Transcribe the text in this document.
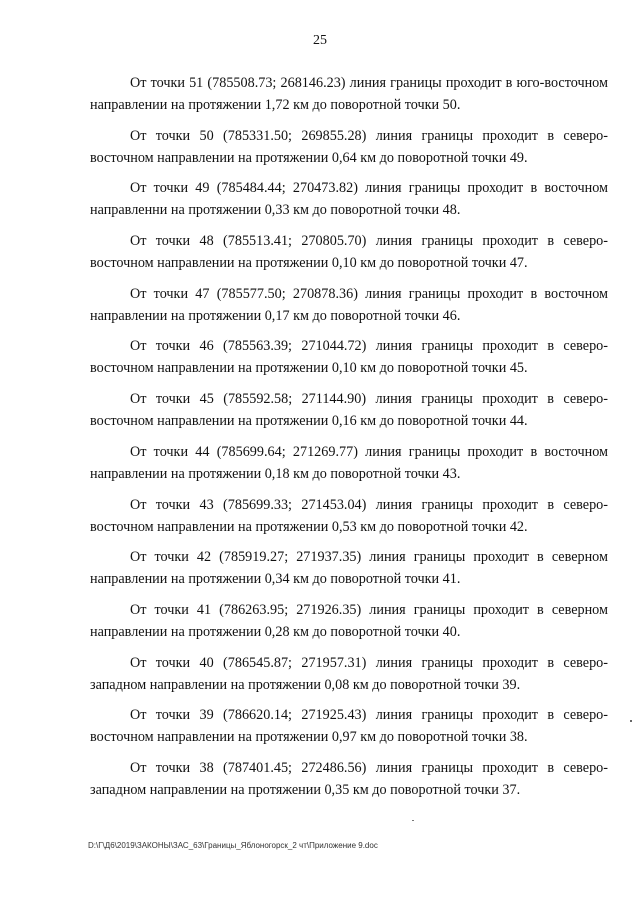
25

От точки 51 (785508.73; 268146.23) линия границы проходит в юго-восточном направлении на протяжении 1,72 км до поворотной точки 50.

От точки 50 (785331.50; 269855.28) линия границы проходит в северо-восточном направлении на протяжении 0,64 км до поворотной точки 49.

От точки 49 (785484.44; 270473.82) линия границы проходит в восточном направленни на протяжении 0,33 км до поворотной точки 48.

От точки 48 (785513.41; 270805.70) линия границы проходит в северо-восточном направлении на протяжении 0,10 км до поворотной точки 47.

От точки 47 (785577.50; 270878.36) линия границы проходит в восточном направлении на протяжении 0,17 км до поворотной точки 46.

От точки 46 (785563.39; 271044.72) линия границы проходит в северо-восточном направлении на протяжении 0,10 км до поворотной точки 45.

От точки 45 (785592.58; 271144.90) линия границы проходит в северо-восточном направлении на протяжении 0,16 км до поворотной точки 44.

От точки 44 (785699.64; 271269.77) линия границы проходит в восточном направлении на протяжении 0,18 км до поворотной точки 43.

От точки 43 (785699.33; 271453.04) линия границы проходит в северо-восточном направлении на протяжении 0,53 км до поворотной точки 42.

От точки 42 (785919.27; 271937.35) линия границы проходит в северном направлении на протяжении 0,34 км до поворотной точки 41.

От точки 41 (786263.95; 271926.35) линия границы проходит в северном направлении на протяжении 0,28 км до поворотной точки 40.

От точки 40 (786545.87; 271957.31) линия границы проходит в северо-западном направлении на протяжении 0,08 км до поворотной точки 39.

От точки 39 (786620.14; 271925.43) линия границы проходит в северо-восточном направлении на протяжении 0,97 км до поворотной точки 38.

От точки 38 (787401.45; 272486.56) линия границы проходит в северо-западном направлении на протяжении 0,35 км до поворотной точки 37.

D:\Г\Д6\2019\ЗАКОНЫ\ЗАС_63\Границы_Яблоногорск_2 чт\Приложение 9.doc
